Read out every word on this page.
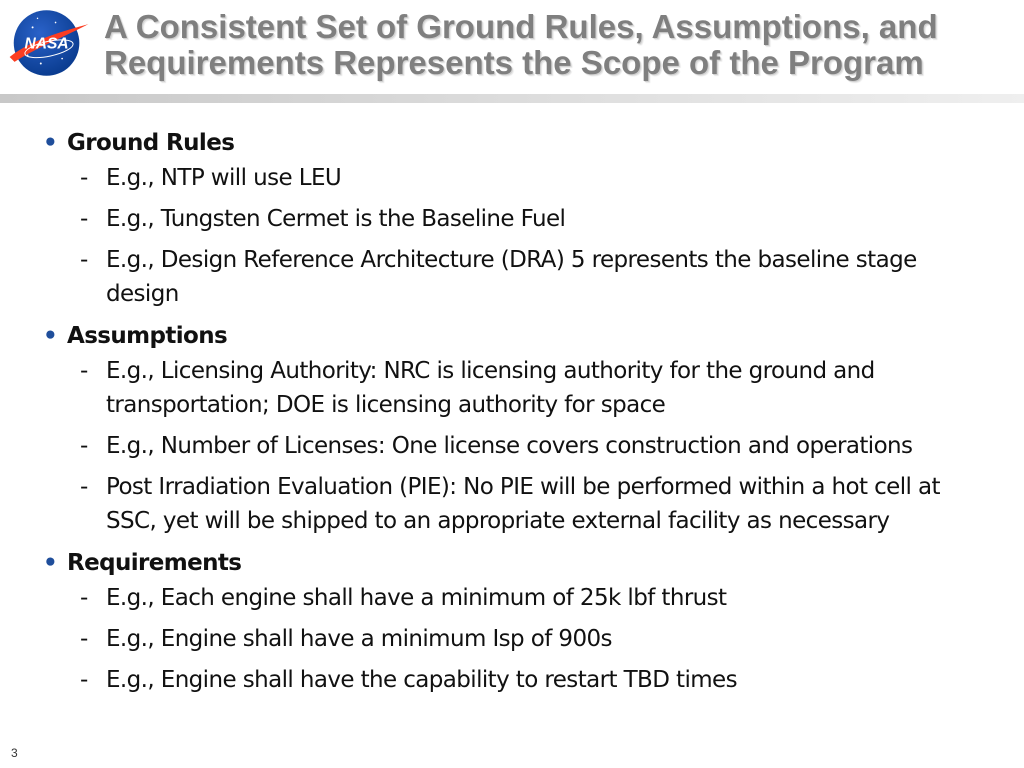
NASA A Consistent Set of Ground Rules, Assumptions, and
Requirements Represents the Scope of the Program
• Ground Rules
- E.g., NTP will use LEU
- E.g., Tungsten Cermet is the Baseline Fuel
- E.g., Design Reference Architecture (DRA) 5 represents the baseline stage design
• Assumptions
- E.g., Licensing Authority: NRC is licensing authority for the ground and transportation; DOE is licensing authority for space
- E.g., Number of Licenses: One license covers construction and operations
- Post Irradiation Evaluation (PIE): No PIE will be performed within a hot cell at SSC, yet will be shipped to an appropriate external facility as necessary
• Requirements
- E.g., Each engine shall have a minimum of 25k lbf thrust
- E.g., Engine shall have a minimum Isp of 900s
- E.g., Engine shall have the capability to restart TBD times
3
